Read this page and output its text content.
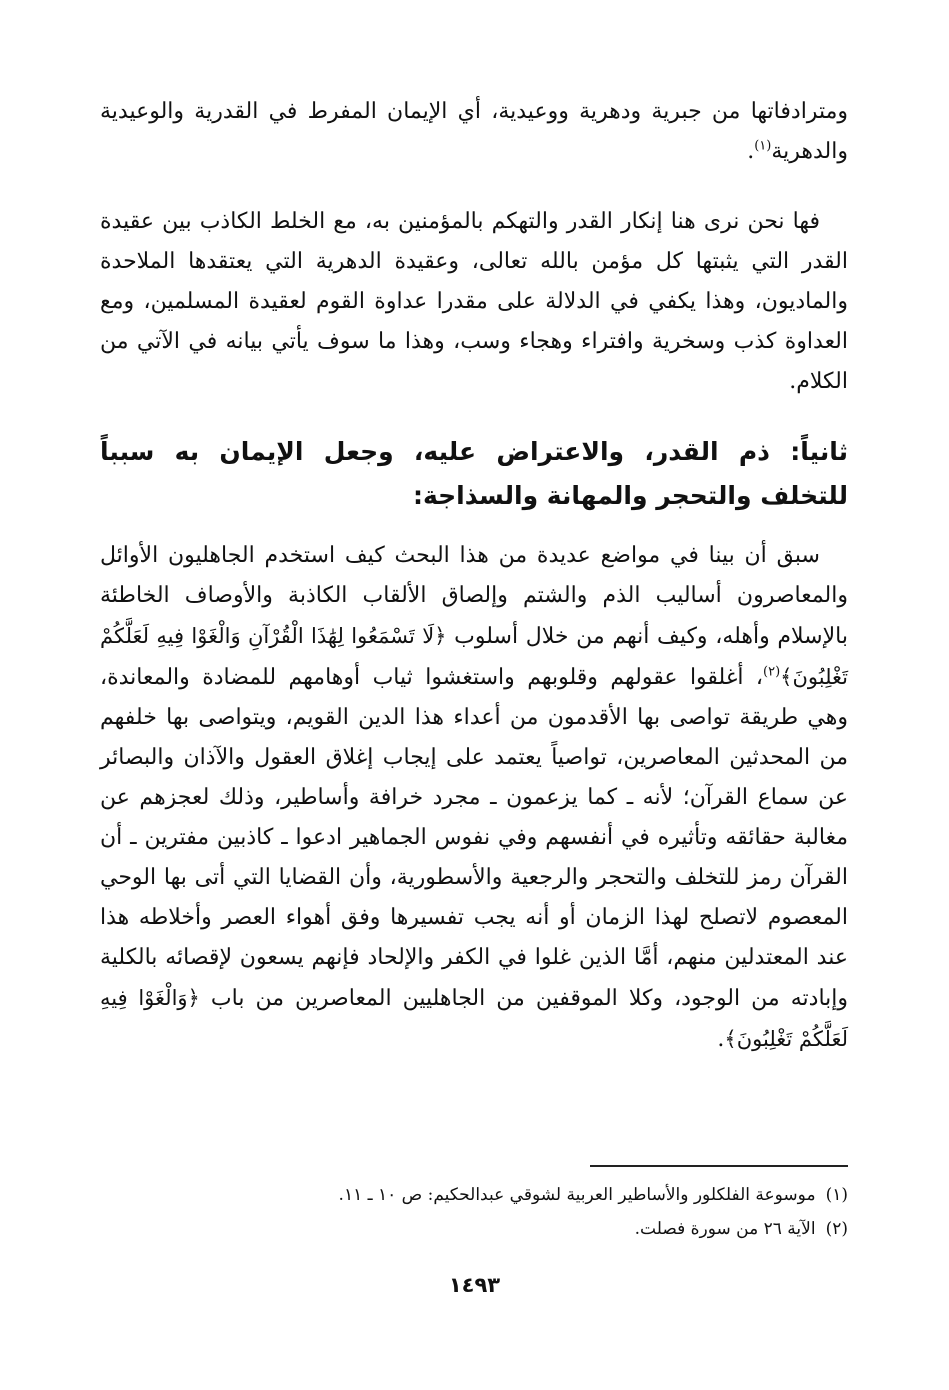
ومترادفاتها من جبرية ودهرية ووعيدية، أي الإيمان المفرط في القدرية والوعيدية والدهرية$^{(١)}$.

فها نحن نرى هنا إنكار القدر والتهكم بالمؤمنين به، مع الخلط الكاذب بين عقيدة القدر التي يثبتها كل مؤمن بالله تعالى، وعقيدة الدهرية التي يعتقدها الملاحدة والماديون، وهذا يكفي في الدلالة على مقدرا عداوة القوم لعقيدة المسلمين، ومع العداوة كذب وسخرية وافتراء وهجاء وسب، وهذا ما سوف يأتي بيانه في الآتي من الكلام.

ثانياً: ذم القدر، والاعتراض عليه، وجعل الإيمان به سبباً للتخلف والتحجر والمهانة والسذاجة:

سبق أن بينا في مواضع عديدة من هذا البحث كيف استخدم الجاهليون الأوائل والمعاصرون أساليب الذم والشتم وإلصاق الألقاب الكاذبة والأوصاف الخاطئة بالإسلام وأهله، وكيف أنهم من خلال أسلوب ﴿لَا تَسْمَعُوا لِهَٰذَا الْقُرْآنِ وَالْغَوْا فِيهِ لَعَلَّكُمْ تَغْلِبُونَ﴾$^{(٢)}$، أغلقوا عقولهم وقلوبهم واستغشوا ثياب أوهامهم للمضادة والمعاندة، وهي طريقة تواصى بها الأقدمون من أعداء هذا الدين القويم، ويتواصى بها خلفهم من المحدثين المعاصرين، تواصياً يعتمد على إيجاب إغلاق العقول والآذان والبصائر عن سماع القرآن؛ لأنه ـ كما يزعمون ـ مجرد خرافة وأساطير، وذلك لعجزهم عن مغالبة حقائقه وتأثيره في أنفسهم وفي نفوس الجماهير ادعوا ـ كاذبين مفترين ـ أن القرآن رمز للتخلف والتحجر والرجعية والأسطورية، وأن القضايا التي أتى بها الوحي المعصوم لاتصلح لهذا الزمان أو أنه يجب تفسيرها وفق أهواء العصر وأخلاطه هذا عند المعتدلين منهم، أمَّا الذين غلوا في الكفر والإلحاد فإنهم يسعون لإقصائه بالكلية وإبادته من الوجود، وكلا الموقفين من الجاهليين المعاصرين من باب ﴿وَالْغَوْا فِيهِ لَعَلَّكُمْ تَغْلِبُونَ﴾.

(١)موسوعة الفلكلور والأساطير العربية لشوقي عبدالحكيم: ص ١٠ ـ ١١.

(٢)الآية ٢٦ من سورة فصلت.

١٤٩٣
